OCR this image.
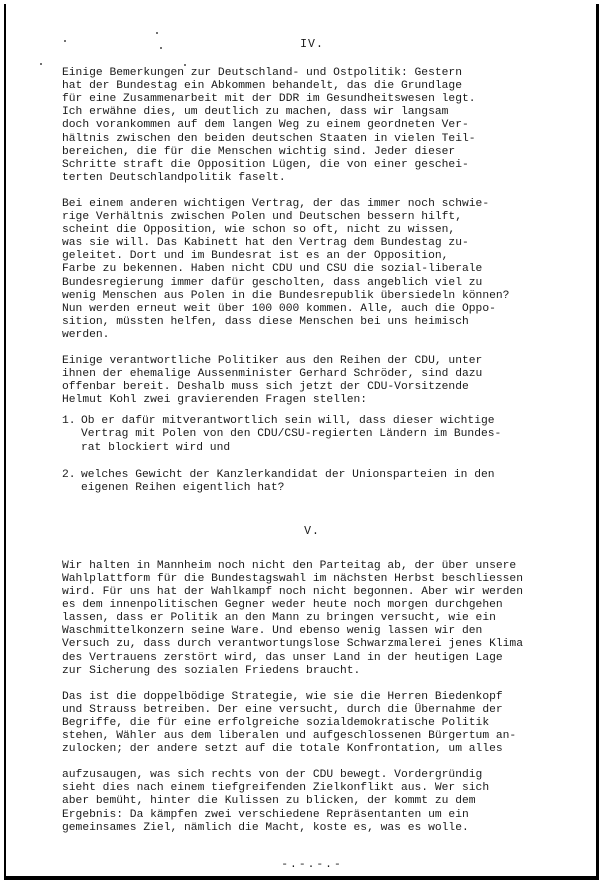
IV.

Einige Bemerkungen zur Deutschland- und Ostpolitik: Gestern
hat der Bundestag ein Abkommen behandelt, das die Grundlage
für eine Zusammenarbeit mit der DDR im Gesundheitswesen legt.
Ich erwähne dies, um deutlich zu machen, dass wir langsam
doch vorankommen auf dem langen Weg zu einem geordneten Ver-
hältnis zwischen den beiden deutschen Staaten in vielen Teil-
bereichen, die für die Menschen wichtig sind. Jeder dieser
Schritte straft die Opposition Lügen, die von einer geschei-
terten Deutschlandpolitik faselt.

Bei einem anderen wichtigen Vertrag, der das immer noch schwie-
rige Verhältnis zwischen Polen und Deutschen bessern hilft,
scheint die Opposition, wie schon so oft, nicht zu wissen,
was sie will. Das Kabinett hat den Vertrag dem Bundestag zu-
geleitet. Dort und im Bundesrat ist es an der Opposition,
Farbe zu bekennen. Haben nicht CDU und CSU die sozial-liberale
Bundesregierung immer dafür gescholten, dass angeblich viel zu
wenig Menschen aus Polen in die Bundesrepublik übersiedeln können?
Nun werden erneut weit über 100 000 kommen. Alle, auch die Oppo-
sition, müssten helfen, dass diese Menschen bei uns heimisch
werden.

Einige verantwortliche Politiker aus den Reihen der CDU, unter
ihnen der ehemalige Aussenminister Gerhard Schröder, sind dazu
offenbar bereit. Deshalb muss sich jetzt der CDU-Vorsitzende
Helmut Kohl zwei gravierenden Fragen stellen:

1. Ob er dafür mitverantwortlich sein will, dass dieser wichtige
Vertrag mit Polen von den CDU/CSU-regierten Ländern im Bundes-
rat blockiert wird und
2. welches Gewicht der Kanzlerkandidat der Unionsparteien in den
eigenen Reihen eigentlich hat?
V.

Wir halten in Mannheim noch nicht den Parteitag ab, der über unsere
Wahlplattform für die Bundestagswahl im nächsten Herbst beschliessen
wird. Für uns hat der Wahlkampf noch nicht begonnen. Aber wir werden
es dem innenpolitischen Gegner weder heute noch morgen durchgehen
lassen, dass er Politik an den Mann zu bringen versucht, wie ein
Waschmittelkonzern seine Ware. Und ebenso wenig lassen wir den
Versuch zu, dass durch verantwortungslose Schwarzmalerei jenes Klima
des Vertrauens zerstört wird, das unser Land in der heutigen Lage
zur Sicherung des sozialen Friedens braucht.

Das ist die doppelbödige Strategie, wie sie die Herren Biedenkopf
und Strauss betreiben. Der eine versucht, durch die Übernahme der
Begriffe, die für eine erfolgreiche sozialdemokratische Politik
stehen, Wähler aus dem liberalen und aufgeschlossenen Bürgertum an-
zulocken; der andere setzt auf die totale Konfrontation, um alles

aufzusaugen, was sich rechts von der CDU bewegt. Vordergründig
sieht dies nach einem tiefgreifenden Zielkonflikt aus. Wer sich
aber bemüht, hinter die Kulissen zu blicken, der kommt zu dem
Ergebnis: Da kämpfen zwei verschiedene Repräsentanten um ein
gemeinsames Ziel, nämlich die Macht, koste es, was es wolle.

-.-.-.-
